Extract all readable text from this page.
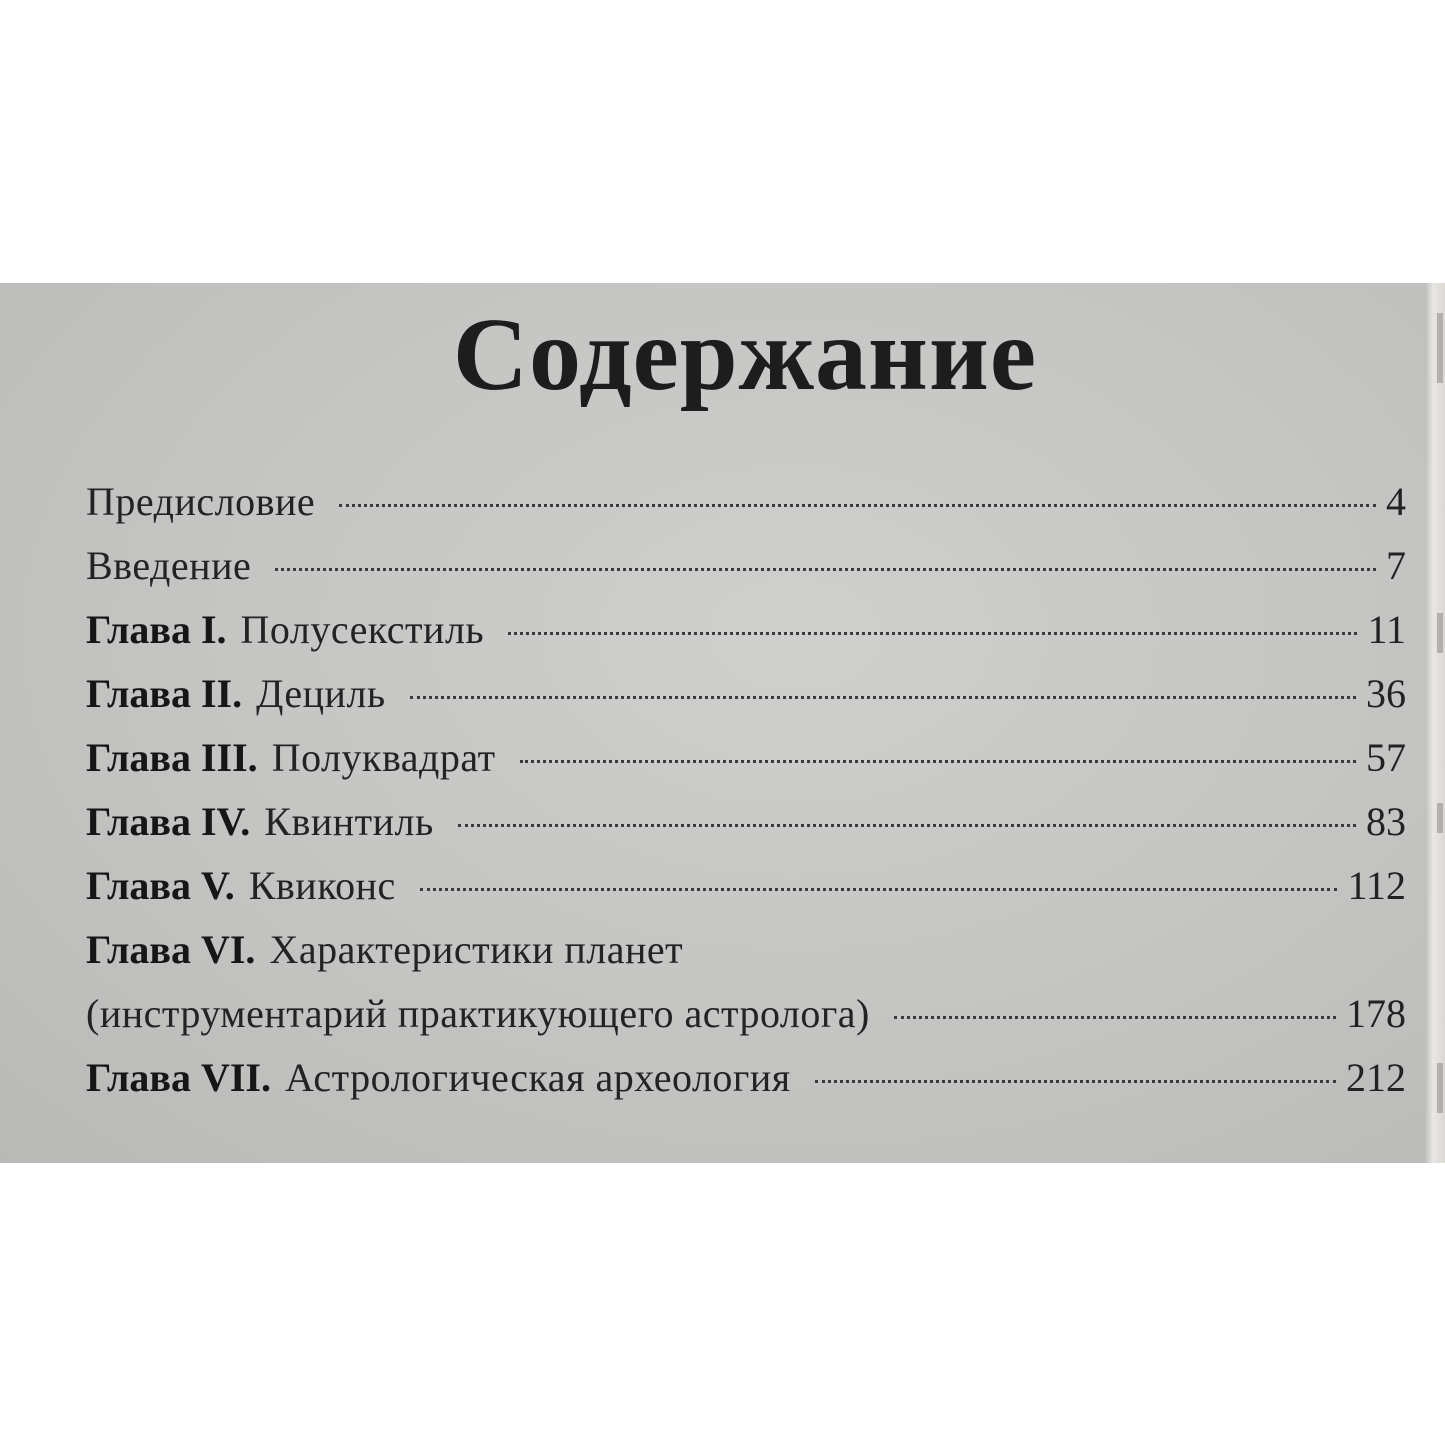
Содержание
Предисловие	4
Введение	7
Глава I. Полусекстиль	11
Глава II. Дециль	36
Глава III. Полуквадрат	57
Глава IV. Квинтиль	83
Глава V. Квиконс	112
Глава VI. Характеристики планет
(инструментарий практикующего астролога)	178
Глава VII. Астрологическая археология	212
